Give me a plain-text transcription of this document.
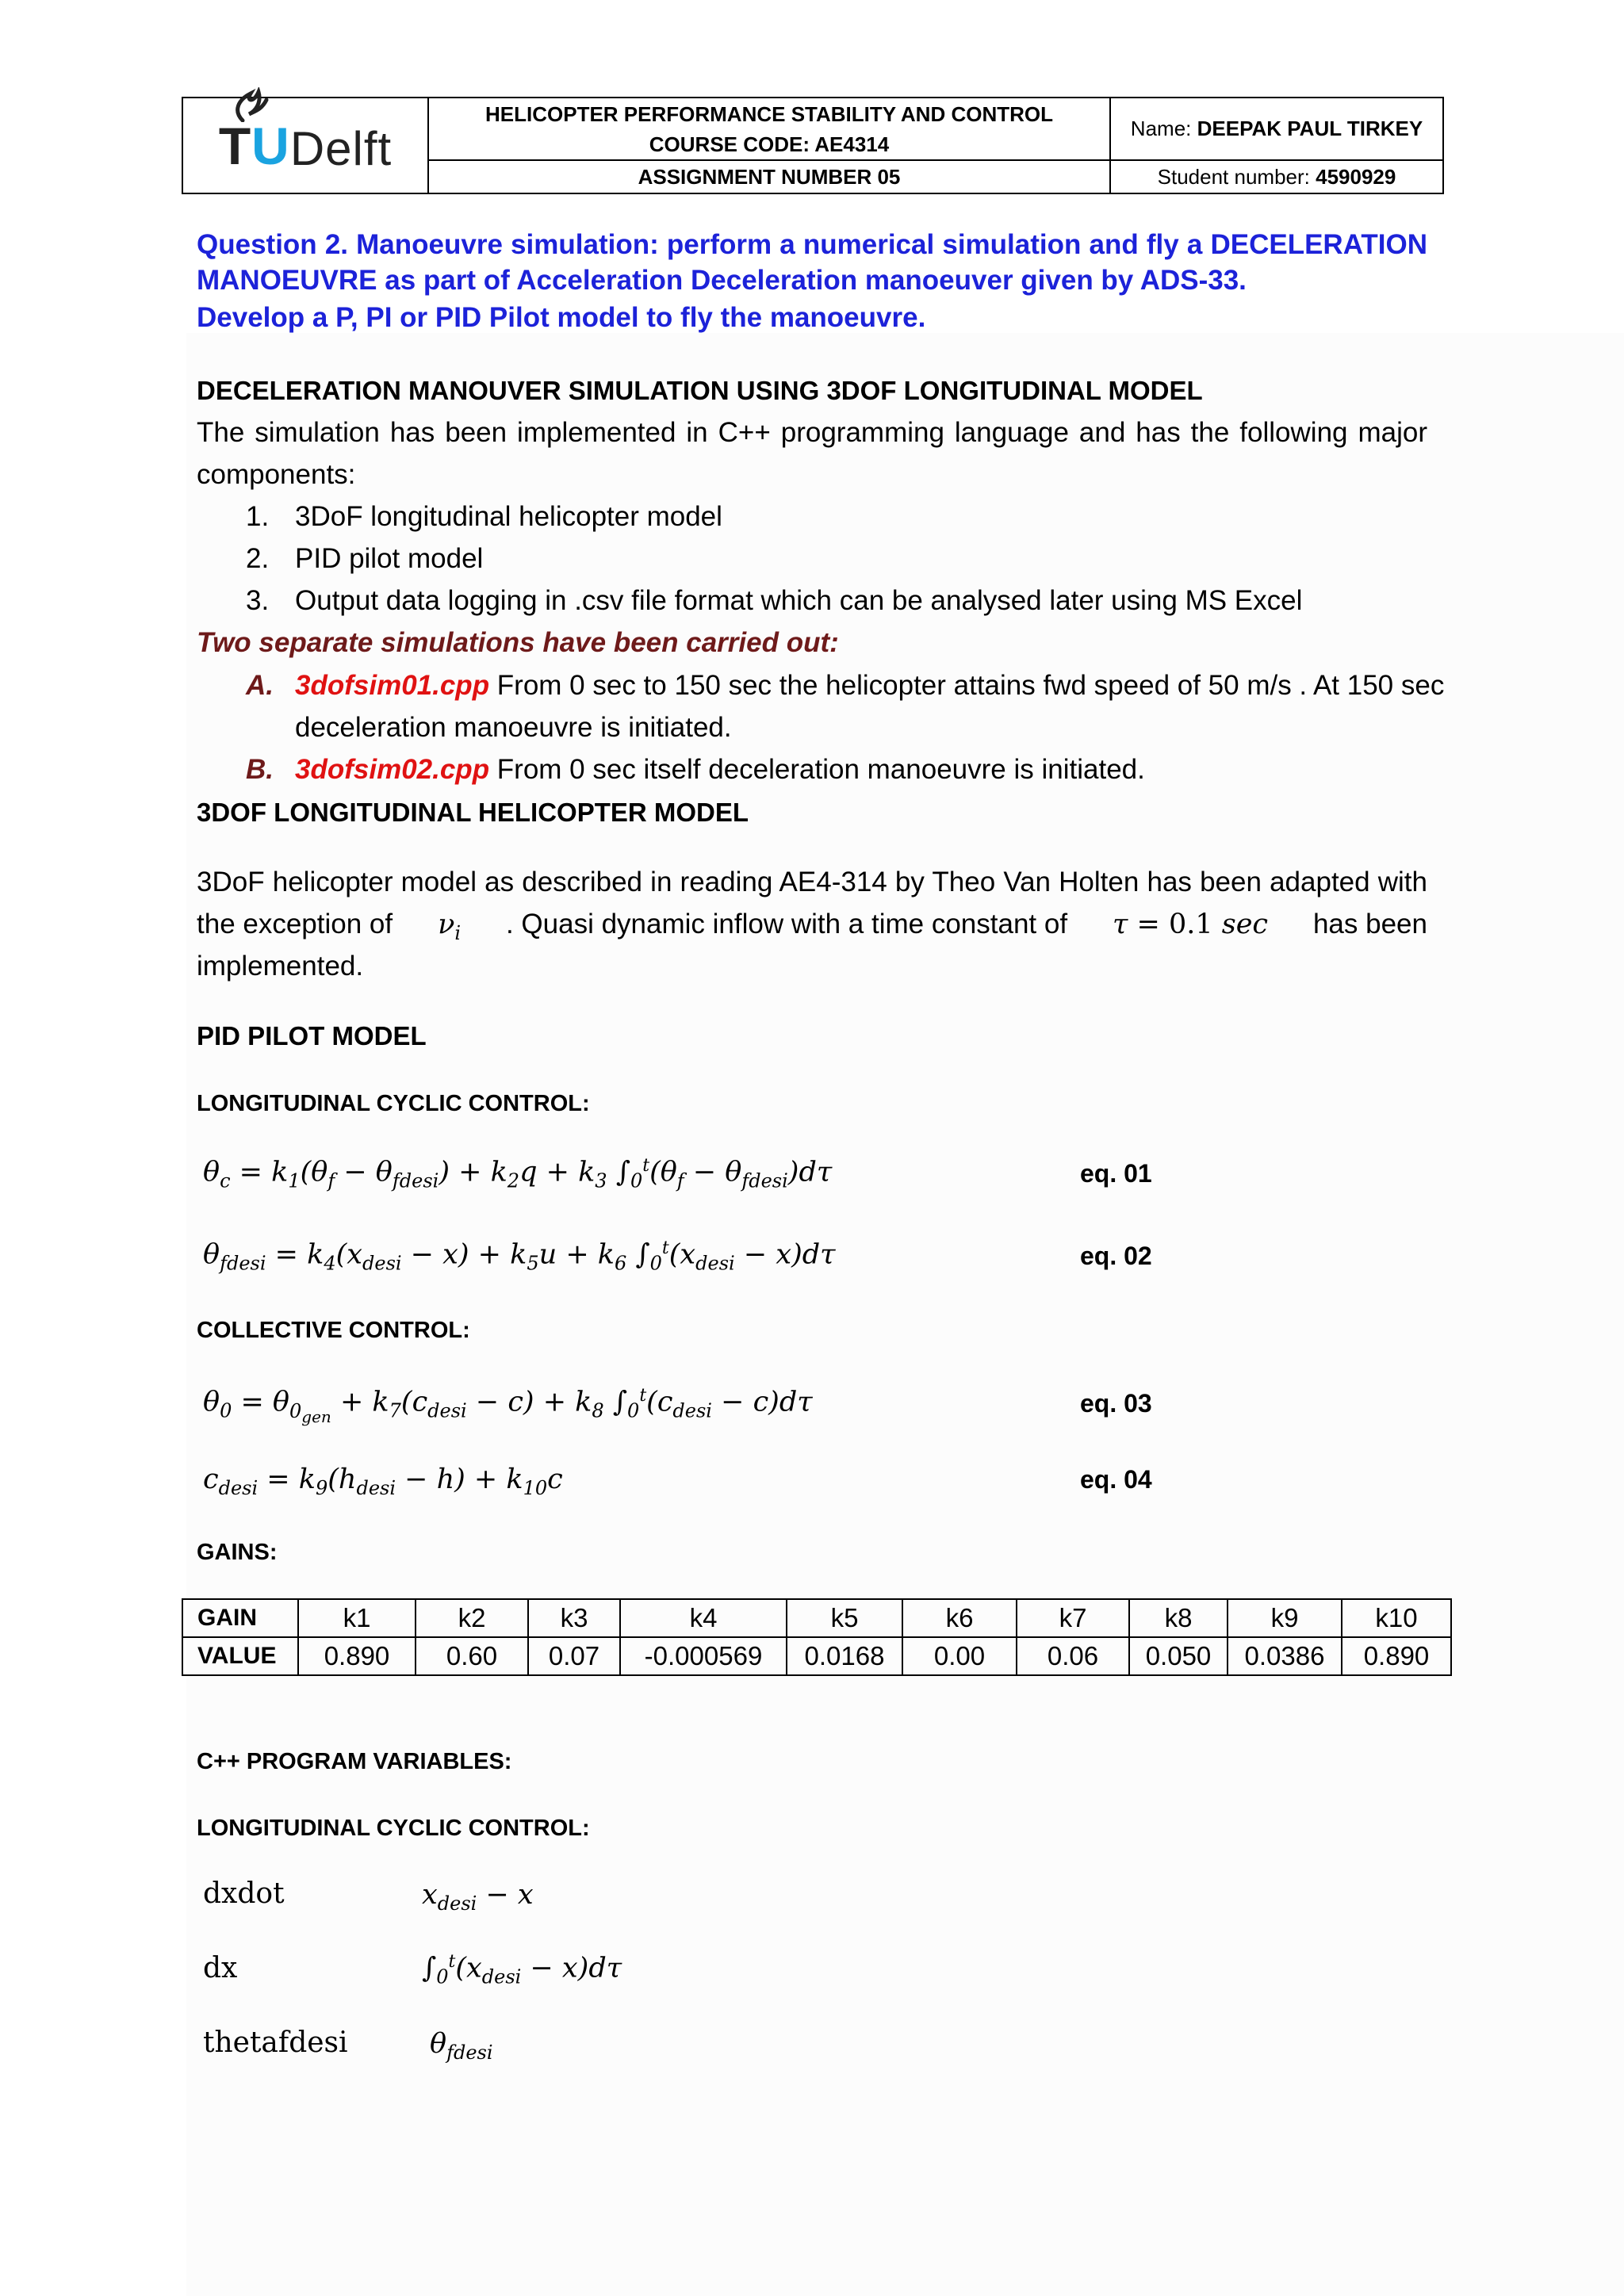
T U Delft
HELICOPTER PERFORMANCE STABILITY AND CONTROL
COURSE CODE: AE4314
ASSIGNMENT NUMBER 05
Name: DEEPAK PAUL TIRKEY
Student number: 4590929
Question 2. Manoeuvre simulation: perform a numerical simulation and fly a DECELERATION
MANOEUVRE as part of Acceleration Deceleration manoeuver given by ADS-33.
Develop a P, PI or PID Pilot model to fly the manoeuvre.
DECELERATION MANOUVER SIMULATION USING 3DOF LONGITUDINAL MODEL
The simulation has been implemented in C++ programming language and has the following major
components:
1. 3DoF longitudinal helicopter model
2. PID pilot model
3. Output data logging in .csv file format which can be analysed later using MS Excel
Two separate simulations have been carried out:
A. 3dofsim01.cpp From 0 sec to 150 sec the helicopter attains fwd speed of 50 m/s . At 150 sec
deceleration manoeuvre is initiated.
B. 3dofsim02.cpp From 0 sec itself deceleration manoeuvre is initiated.
3DOF LONGITUDINAL HELICOPTER MODEL
3DoF helicopter model as described in reading AE4-314 by Theo Van Holten has been adapted with
the exception of $\nu_i$ . Quasi dynamic inflow with a time constant of τ = 0.1 sec has been
implemented.
PID PILOT MODEL
LONGITUDINAL CYCLIC CONTROL:
$\theta_c = k_1(\theta_f - \theta_{fdesi}) + k_2q + k_3$ $\int_0^t(\theta_f - \theta_{fdesi})d\tau$	eq. 01
$\theta_{fdesi} = k_4(x_{desi} - x) + k_5u + k_6$ $\int_0^t(x_{desi} - x)d\tau$	eq. 02
COLLECTIVE CONTROL:
$\theta_0 = \theta_{0_{gen}} + k_7(c_{desi} - c) + k_8$ $\int_0^t(c_{desi} - c)d\tau$	eq. 03
$c_{desi} = k_9(h_{desi} - h) + k_{10}c$	eq. 04
GAINS:
GAIN	k1	k2	k3	k4	k5	k6	k7	k8	k9	k10
VALUE	0.890	0.60	0.07	-0.000569	0.0168	0.00	0.06	0.050	0.0386	0.890
C++ PROGRAM VARIABLES:
LONGITUDINAL CYCLIC CONTROL:
dxdot	$x_{desi} - x$
dx	$\int_0^t(x_{desi} - x)d\tau$
thetafdesi	$\theta_{fdesi}$
